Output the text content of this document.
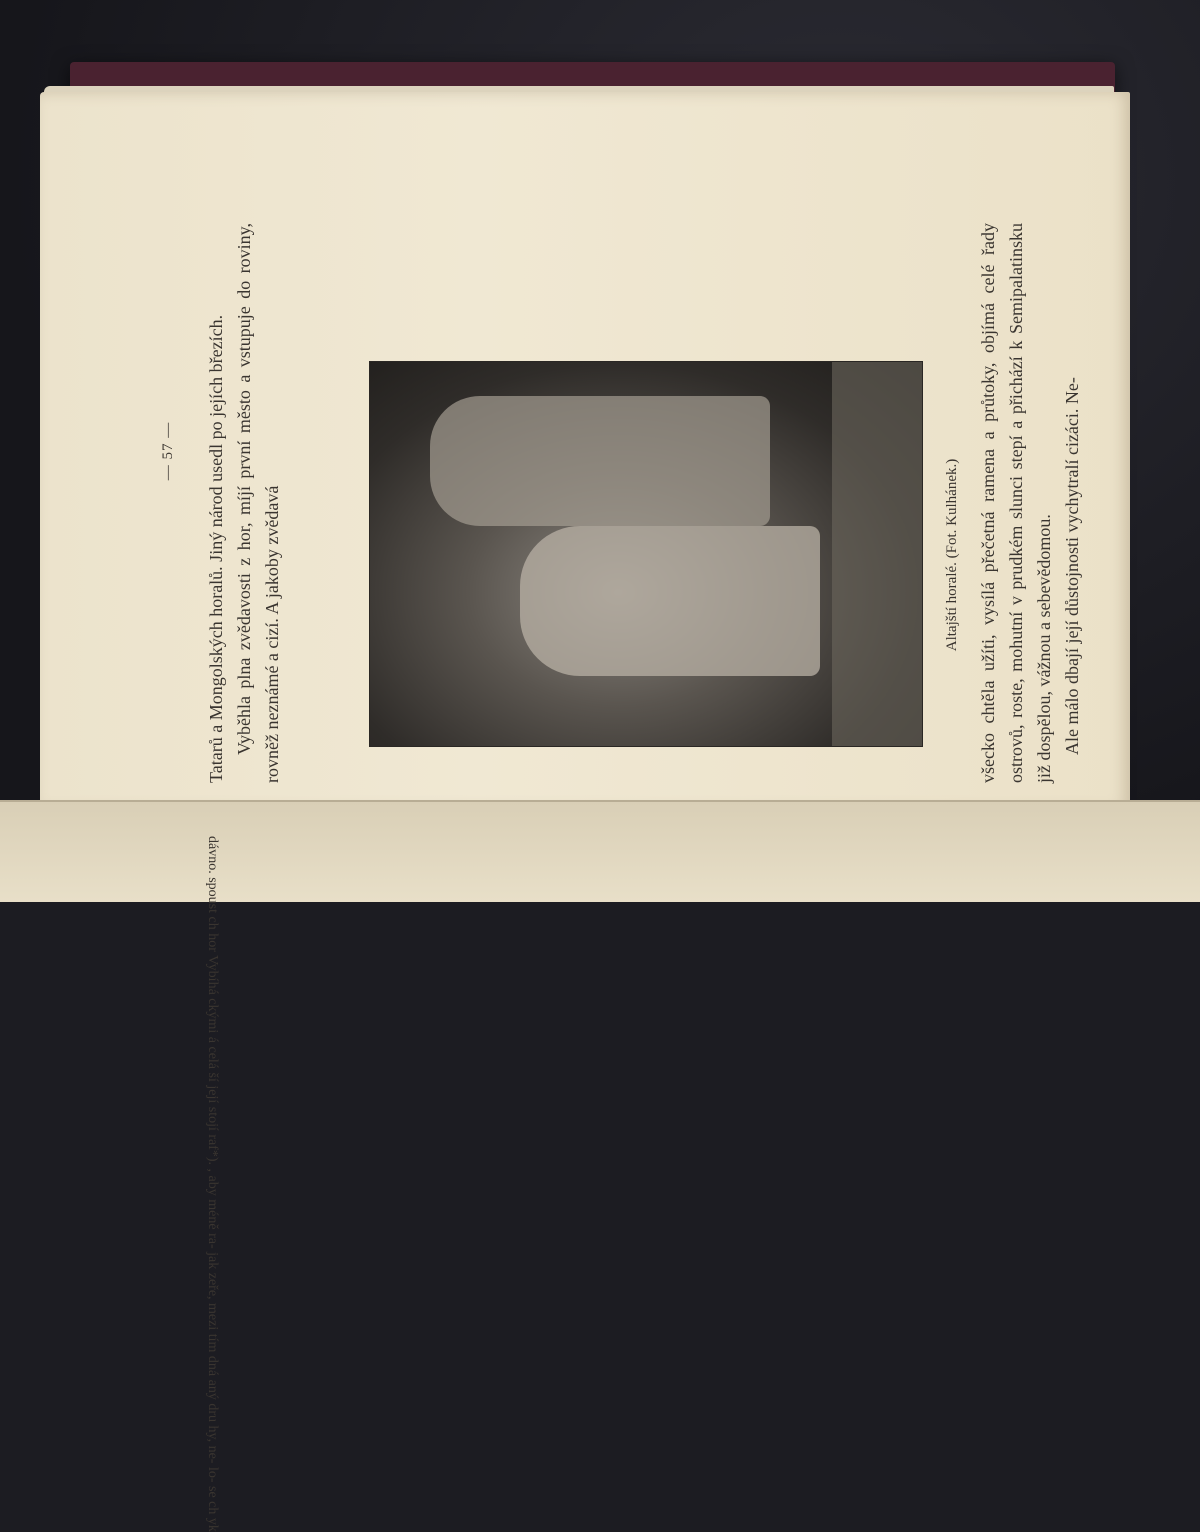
— 57 — Tatarů a Mongolských horalů. Jiný národ usedl po jejích březích. Vyběhla plna zvědavosti z hor, míjí první město a vstupuje do roviny, rovněž neznámé a cizí. A jakoby zvědavá	Altajští horalé. (Fot. Kulhánek.) všecko chtěla užíti, vysílá přečetná ramena a průtoky, objímá celé řady ostrovů, roste, mohutní v prudkém slunci stepí a přichází k Semipalatinsku již dospělou, vážnou a sebevědomou. Ale málo dbají její důstojnosti vychytralí cizáci. Ne-

dávno. spoust ch hor Vybíhá ckými á celá ší její stojí raf*). , aby méně ra- jak zeře, mezi tím dná aný dru hy, ne- lo- se ch yk
